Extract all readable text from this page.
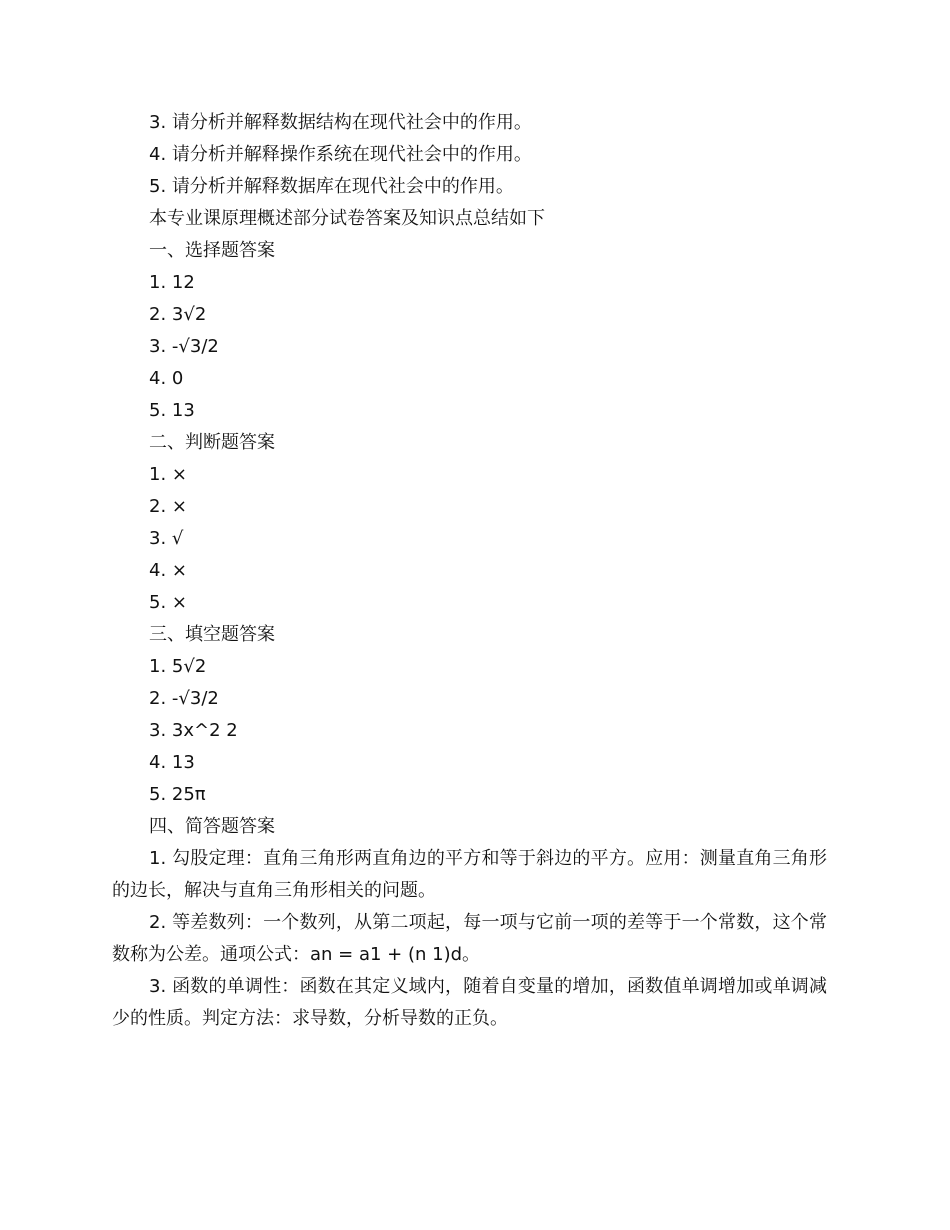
3. 请分析并解释数据结构在现代社会中的作用。
4. 请分析并解释操作系统在现代社会中的作用。
5. 请分析并解释数据库在现代社会中的作用。
本专业课原理概述部分试卷答案及知识点总结如下
一、选择题答案
1. 12
2. 3√2
3. -√3/2
4. 0
5. 13
二、判断题答案
1. ×
2. ×
3. √
4. ×
5. ×
三、填空题答案
1. 5√2
2. -√3/2
3. 3x^2 2
4. 13
5. 25π
四、简答题答案

1. 勾股定理：直角三角形两直角边的平方和等于斜边的平方。应用：测量直角三角形的边长，解决与直角三角形相关的问题。

2. 等差数列：一个数列，从第二项起，每一项与它前一项的差等于一个常数，这个常数称为公差。通项公式：an = a1 + (n 1)d。

3. 函数的单调性：函数在其定义域内，随着自变量的增加，函数值单调增加或单调减少的性质。判定方法：求导数，分析导数的正负。
